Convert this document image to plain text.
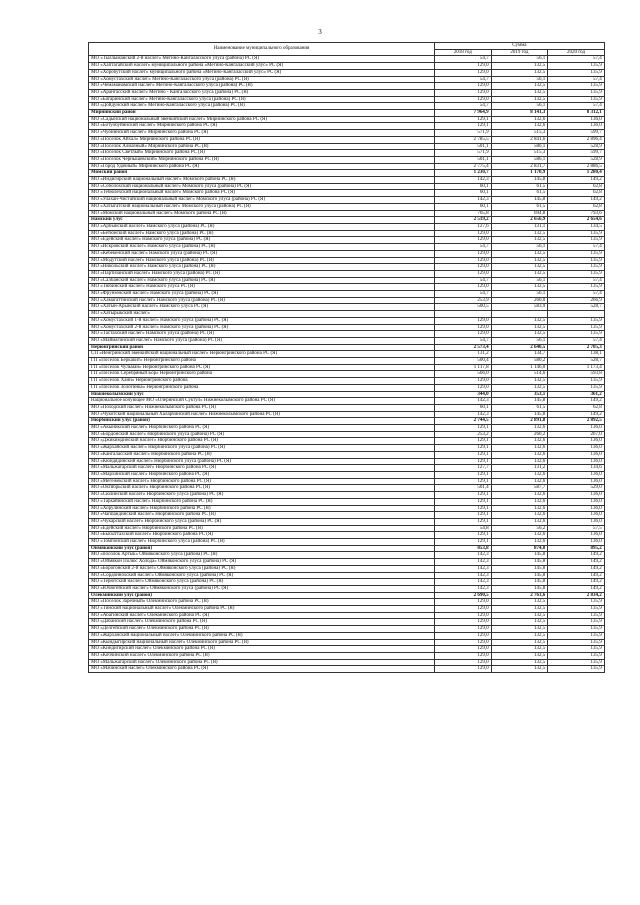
3
Наименование муниципального образования	Сумма		
	2018 год	2019 год	2020 год
МО «Тыллыманский 2-й наслег» Мегино-Кангаласского улуса (района) РС (Я)	54,7	56,1	57,4
МО «Хаптагайский наслег» муниципального района «Мегино-Кангаласский улус» РС (Я)	129,0	132,5	135,9
МО «Хоробутский наслег» муниципального района «Мегино-Кангаласский улус» РС (Я)	129,0	132,5	135,9
МО «Хомустахский наслег» Мегино-Кангаласского улуса (района) РС (Я)	54,7	56,1	57,4
МО «Чемаманамский наслег» Мегино-Кангаласского улуса (района) РС (Я)	129,0	132,5	135,9
МО «Арангасский наслег» Мегино - Кангаласского улуса (района) РС (Я)	129,0	132,5	135,9
МО «Батаринский наслег» Мегино-Кангаласского улуса (района) РС (Я)	129,0	132,5	135,9
МО «Дойдунский наслег» Мегино-Кангаласского улуса (района) РС (Я)	54,7	56,1	57,4
Мирнинский район	7 964,9	8 141,3	8 312,1
МО «Садынский национальный эвенкийский наслег» Мирнинского района РС (Я)	129,1	132,6	136,0
МО «Ботуобуйинский наслег» Мирнинского района РС (Я)	129,1	132,6	136,0
МО «Чуонинский наслег» Мирнинского района РС (Я)	571,9	515,3	599,7
МО «Поселок Айхал» Мирнинского района РС (Я)	2 785,5	2 841,6	2 896,4
МО «Поселок Алмазный» Мирнинского района РС (Я)	501,1	586,1	528,9
МО «Поселок Светлый» Мирнинского района РС (Я)	571,9	515,3	599,7
МО «Поселок Чернышевский» Мирнинского района РС (Я)	501,1	586,1	528,9
МО «Город Удачный» Мирнинского района РС (Я)	2 775,4	2 831,7	2 886,5
Момский район	1 230,7	1 170,9	1 280,4
МО «Индигирский национальный наслег» Момского района РС (Я)	142,3	145,8	149,2
МО «Соболохский национальный наслег» Момского улуса (района) РС (Я)	60,1	61,5	62,8
МО «Тебюлехский национальный наслег» Момского района РС (Я)	60,1	61,5	62,8
МО «Улахан-Чистайский национальный наслег» Момского улуса (района) РС (Я)	142,3	145,8	149,2
МО «Хатыгатский национальный наслег» Момского улуса (района) РС (Я)	60,1	61,5	62,8
МО «Момский национальный наслег» Момского района РС (Я)	765,8	694,8	793,6
Намский улус	2 519,2	2 656,9	2 654,6
МО «Арбынский наслег» Намского улуса (района) РС (Я)	127,6	131,1	134,5
МО «Бетюнский наслег» Намского улуса (района) РС (Я)	129,0	132,5	135,9
МО «Едейский наслег» Намского улуса (района) РС (Я)	129,0	132,5	135,9
МО «Искровский наслег» Намского улуса (района) РС (Я)	54,7	56,1	57,4
МО «Кебекенский наслег» Намского улуса (района) РС (Я)	129,0	132,5	135,9
МО «Модутский наслег» Намского улуса (района) РС (Я)	129,0	132,5	135,9
МО «Никольский наслег» Намского улуса (района) РС (Я)	129,0	132,5	135,9
МО «Партизанский наслег» Намского улуса (района) РС (Я)	129,0	132,5	135,9
МО «Салбанский наслег» Намского улуса (района) РС (Я)	54,7	56,1	57,4
МО «Тюбинский наслег» Намского улуса РС (Я)	129,0	132,5	135,9
МО «Фрунзенский наслег» Намского улуса (района) РС (Я)	54,7	56,1	57,4
МО «Хамагаттинский наслег» Намского улуса (района) РС (Я)	253,9	260,0	266,9
МО «Хатын-Арынский наслег» Намского улуса РС (Я)	500,5	583,9	528,7
МО «Хатырыкский наслег»			
МО «Хомустахский 1-й наслег» Намского улуса (района) РС (Я)	129,0	132,5	135,9
МО «Хомустахский 2-й наслег» Намского улуса (района) РС (Я)	129,0	132,5	135,9
МО «Тастахский наслег» Намского улуса (района) РС (Я)	129,0	132,5	135,9
МО «Маймагинский наслег» Намского улуса (района) РС (Я)	54,7	56,1	57,4
Нерюнгринский район	2 573,4	2 640,5	2 705,3
СП «Иенгринский эвенкийский национальный наслег» Нерюнгринского района РС (Я)	131,2	134,7	138,1
ГП «Поселок Беркакит» Нерюнгринского района	500,4	580,2	528,7
ГП «Поселок Чульман» Нерюнгринского района РС (Я)	1 117,8	1 146,0	1 173,4
ГП «Поселок Серебряный Бор» Нерюнгринского района	566,0	514,6	593,8
ГП «Поселок Хани» Нерюнгринского района	129,0	132,5	135,9
ГП «Поселок Золотинка» Нерюнгринского района	129,0	132,5	135,9
Нижнеколымский улус	344,0	353,1	361,2
Национальное кочующее МО «Олеринский Суктул» Нижнеколымского района РС (Я)	142,3	145,8	149,2
МО «Походский наслег» Нижнеколымского района РС (Я)	60,1	61,5	62,8
МО «Чукотский национальный Халарчинский наслег» Нижнеколымского района РС (Я)	142,3	145,8	149,2
Нюрбинский улус (район)	2 744,5	2 891,8	2 892,5
МО «Акыникский наслег» Нюрбинского района РС (Я)	129,1	132,6	136,0
МО «Бордонский наслег» Нюрбинского улуса (района) РС (Я)	253,2	260,2	267,0
МО «Джикимдинский наслег» Нюрбинского района РС (Я)	129,1	132,6	136,0
МО «Жархайский наслег» Нюрбинского улуса (района) РС (Я)	129,1	132,6	136,0
МО «Кангаласский наслег» Нюрбинского района РС (Я)	129,1	132,6	136,0
МО «Кюндядинский наслег» Нюрбинского улуса (района) РС (Я)	129,1	132,6	136,0
МО «Мальжагарский наслег» Нюрбинского района РС (Я)	127,7	131,2	134,6
МО «Мархинский наслег» Нюрбинского района РС (Я)	129,1	132,6	136,0
МО «Мегежекский наслег» Нюрбинского района РС (Я)	129,1	132,6	136,0
МО «Октябрьский наслег» Нюрбинского района РС (Я)	501,4	587,7	529,0
МО «Сюлинский наслег» Нюрбинского улуса (района) РС (Я)	129,1	132,6	136,0
МО «Таркайинский наслег» Нюрбинского района РС (Я)	129,1	132,6	136,0
МО «Хорулинский наслег» Нюрбинского района РС (Я)	129,1	132,6	136,0
МО «Чаппандинский наслег» Нюрбинского района РС (Я)	129,1	132,6	136,0
МО «Чукарский наслег» Нюрбинского улуса (района) РС (Я)	129,1	132,6	136,0
МО «Едейский наслег» Нюрбинского района РС (Я)	54,8	56,2	57,5
МО «Бысыттахский наслег» Нюрбинского района РС (Я)	129,1	132,6	136,0
МО «Томпонский наслег» Нюрбинского улуса (района) РС (Я)	129,1	132,6	136,0
Оймяконский улус (район)	853,8	874,8	895,2
МО «посолок Артык» Оймяконского улуса (района) РС (Я)	142,3	145,8	149,2
МО «Оймякон Полюс Холода» Оймяконского улуса (района) РС (Я)	142,3	145,8	149,2
МО «Борогонский 2-й наслег» Оймяконского улуса (района) РС (Я)	142,3	145,8	149,2
МО «Сордоннохский наслег» Оймяконского улуса (района) РС (Я)	142,3	145,8	149,2
МО «Терютский наслег» Оймяконского улуса (района) РС (Я)	142,3	145,8	149,2
МО «Ючюгейский наслег» Оймяконского улуса (района) РС (Я)	142,3	145,8	149,2
Олекминский улус (район)	2 690,5	2 763,6	2 834,2
МО «Поселок Заречный» Олекминского района РС (Я)	129,0	132,5	135,9
МО «Тинский национальный наслег» Олекминского района РС (Я)	129,0	132,5	135,9
МО «Абагинский наслег» Олекминского района РС (Я)	129,0	132,5	135,9
МО «Дабанский наслег» Олекминского района РС (Я)	129,0	132,5	135,9
МО «Делгейский наслег» Олекминского района РС (Я)	129,0	132,5	135,9
МО «Жарханский национальный наслег» Олекминского района РС (Я)	129,0	132,5	135,9
МО «Кындыгирский национальный наслег» Олекминского района РС (Я)	129,0	132,5	135,9
МО «Киндигирский наслег» Олекминского района РС (Я)	129,0	132,5	135,9
МО «Коччинский наслег» Олекминского района РС (Я)	129,0	132,5	135,9
МО «Мальжагарский наслег» Олекминского района РС (Я)	129,0	132,5	135,9
МО «Мачинский наслег» Олекминского района РС (Я)	129,0	132,5	135,9
